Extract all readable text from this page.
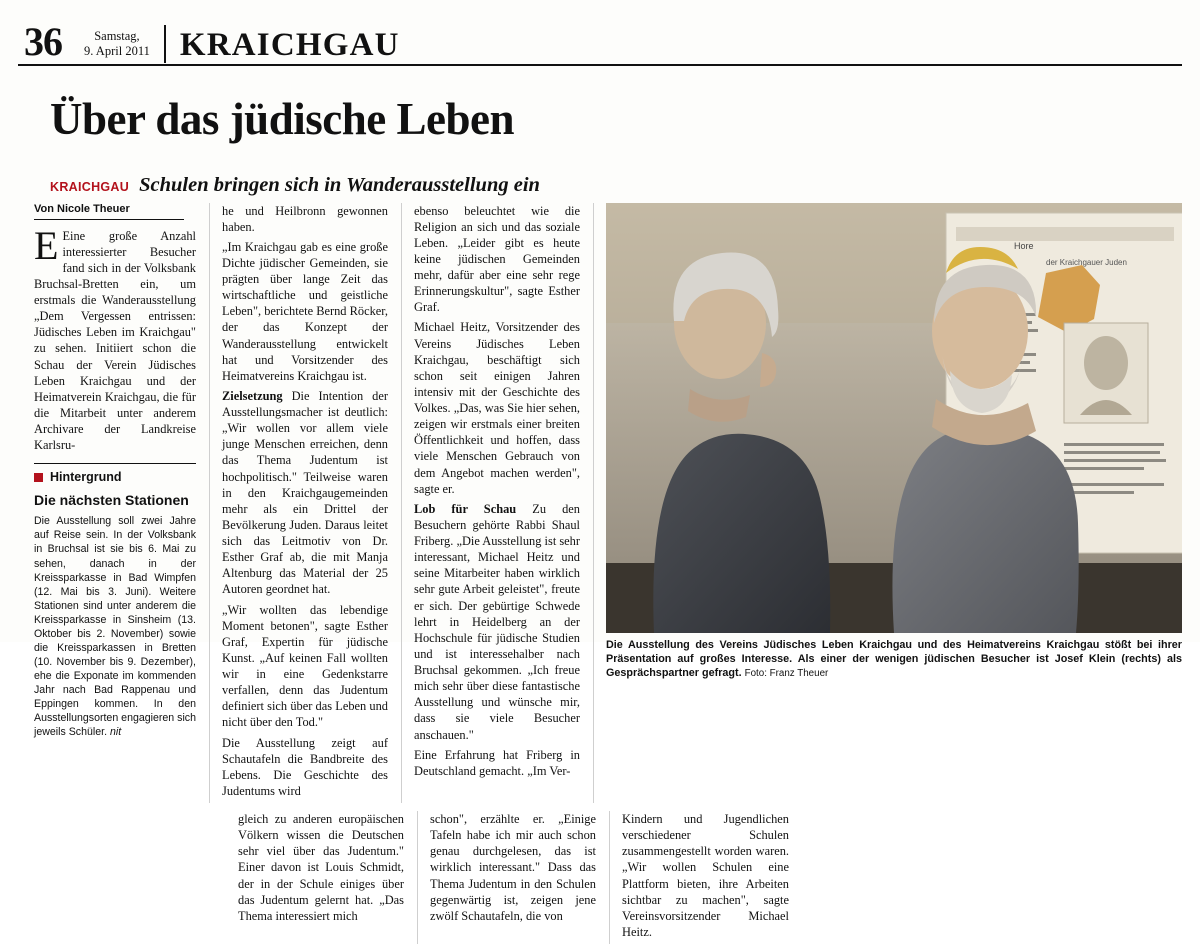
36	Samstag,
9. April 2011 KRAICHGAU
Über das jüdische Leben
KRAICHGAU Schulen bringen sich in Wanderausstellung ein
Von Nicole Theuer

E Eine große Anzahl interessierter Besucher fand sich in der Volksbank Bruchsal-Bretten ein, um erstmals die Wanderausstellung „Dem Vergessen entrissen: Jüdisches Leben im Kraichgau" zu sehen. Initiiert schon die Schau der Verein Jüdisches Leben Kraichgau und der Heimatverein Kraichgau, die für die Mitarbeit unter anderem Archivare der Landkreise Karlsru-

Hintergrund
Die nächsten Stationen

Die Ausstellung soll zwei Jahre auf Reise sein. In der Volksbank in Bruchsal ist sie bis 6. Mai zu sehen, danach in der Kreissparkasse in Bad Wimpfen (12. Mai bis 3. Juni). Weitere Stationen sind unter anderem die Kreissparkasse in Sinsheim (13. Oktober bis 2. November) sowie die Kreissparkassen in Bretten (10. November bis 9. Dezember), ehe die Exponate im kommenden Jahr nach Bad Rappenau und Eppingen kommen. In den Ausstellungsorten engagieren sich jeweils Schüler. nit

he und Heilbronn gewonnen haben.

„Im Kraichgau gab es eine große Dichte jüdischer Gemeinden, sie prägten über lange Zeit das wirtschaftliche und geistliche Leben", berichtete Bernd Röcker, der das Konzept der Wanderausstellung entwickelt hat und Vorsitzender des Heimatvereins Kraichgau ist.

Zielsetzung Die Intention der Ausstellungsmacher ist deutlich: „Wir wollen vor allem viele junge Menschen erreichen, denn das Thema Judentum ist hochpolitisch." Teilweise waren in den Kraichgaugemeinden mehr als ein Drittel der Bevölkerung Juden. Daraus leitet sich das Leitmotiv von Dr. Esther Graf ab, die mit Manja Altenburg das Material der 25 Autoren geordnet hat.

„Wir wollten das lebendige Moment betonen", sagte Esther Graf, Expertin für jüdische Kunst. „Auf keinen Fall wollten wir in eine Gedenkstarre verfallen, denn das Judentum definiert sich über das Leben und nicht über den Tod."

Die Ausstellung zeigt auf Schautafeln die Bandbreite des Lebens. Die Geschichte des Judentums wird

ebenso beleuchtet wie die Religion an sich und das soziale Leben. „Leider gibt es heute keine jüdischen Gemeinden mehr, dafür aber eine sehr rege Erinnerungskultur", sagte Esther Graf.

Michael Heitz, Vorsitzender des Vereins Jüdisches Leben Kraichgau, beschäftigt sich schon seit einigen Jahren intensiv mit der Geschichte des Volkes. „Das, was Sie hier sehen, zeigen wir erstmals einer breiten Öffentlichkeit und hoffen, dass viele Menschen Gebrauch von dem Angebot machen werden", sagte er.

Lob für Schau Zu den Besuchern gehörte Rabbi Shaul Friberg. „Die Ausstellung ist sehr interessant, Michael Heitz und seine Mitarbeiter haben wirklich sehr gute Arbeit geleistet", freute er sich. Der gebürtige Schwede lehrt in Heidelberg an der Hochschule für jüdische Studien und ist interessehalber nach Bruchsal gekommen. „Ich freue mich sehr über diese fantastische Ausstellung und wünsche mir, dass sie viele Besucher anschauen."

Eine Erfahrung hat Friberg in Deutschland gemacht. „Im Ver-

Hore
der Kraichgauer Juden
Die Ausstellung des Vereins Jüdisches Leben Kraichgau und des Heimatvereins Kraichgau stößt bei ihrer Präsentation auf großes Interesse. Als einer der wenigen jüdischen Besucher ist Josef Klein (rechts) als Gesprächspartner gefragt. Foto: Franz Theuer

gleich zu anderen europäischen Völkern wissen die Deutschen sehr viel über das Judentum." Einer davon ist Louis Schmidt, der in der Schule einiges über das Judentum gelernt hat. „Das Thema interessiert mich

schon", erzählte er. „Einige Tafeln habe ich mir auch schon genau durchgelesen, das ist wirklich interessant." Dass das Thema Judentum in den Schulen gegenwärtig ist, zeigen jene zwölf Schautafeln, die von

Kindern und Jugendlichen verschiedener Schulen zusammengestellt worden waren. „Wir wollen Schulen eine Plattform bieten, ihre Arbeiten sichtbar zu machen", sagte Vereinsvorsitzender Michael Heitz.
